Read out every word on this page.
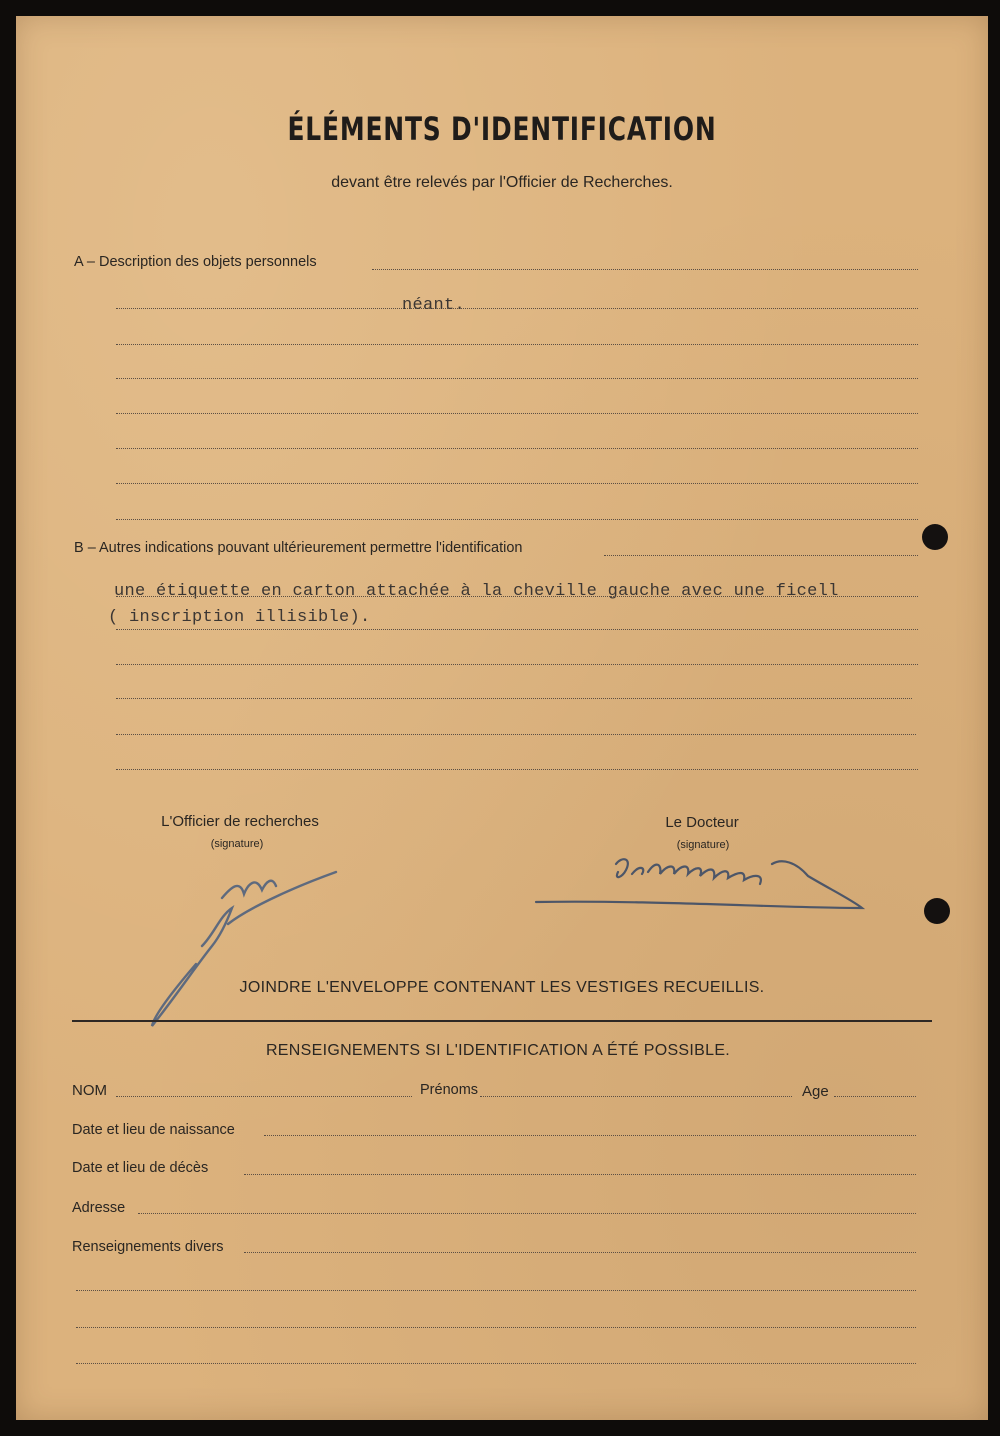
ÉLÉMENTS D'IDENTIFICATION
devant être relevés par l'Officier de Recherches.
A – Description des objets personnels
néant.
B – Autres indications pouvant ultérieurement permettre l'identification
une étiquette en carton attachée à la cheville gauche avec une ficell
( inscription illisible).
L'Officier de recherches
(signature)
Le Docteur
(signature)
JOINDRE L'ENVELOPPE CONTENANT LES VESTIGES RECUEILLIS.
RENSEIGNEMENTS SI L'IDENTIFICATION A ÉTÉ POSSIBLE.
NOM	Prénoms	Age
Date et lieu de naissance
Date et lieu de décès
Adresse
Renseignements divers
